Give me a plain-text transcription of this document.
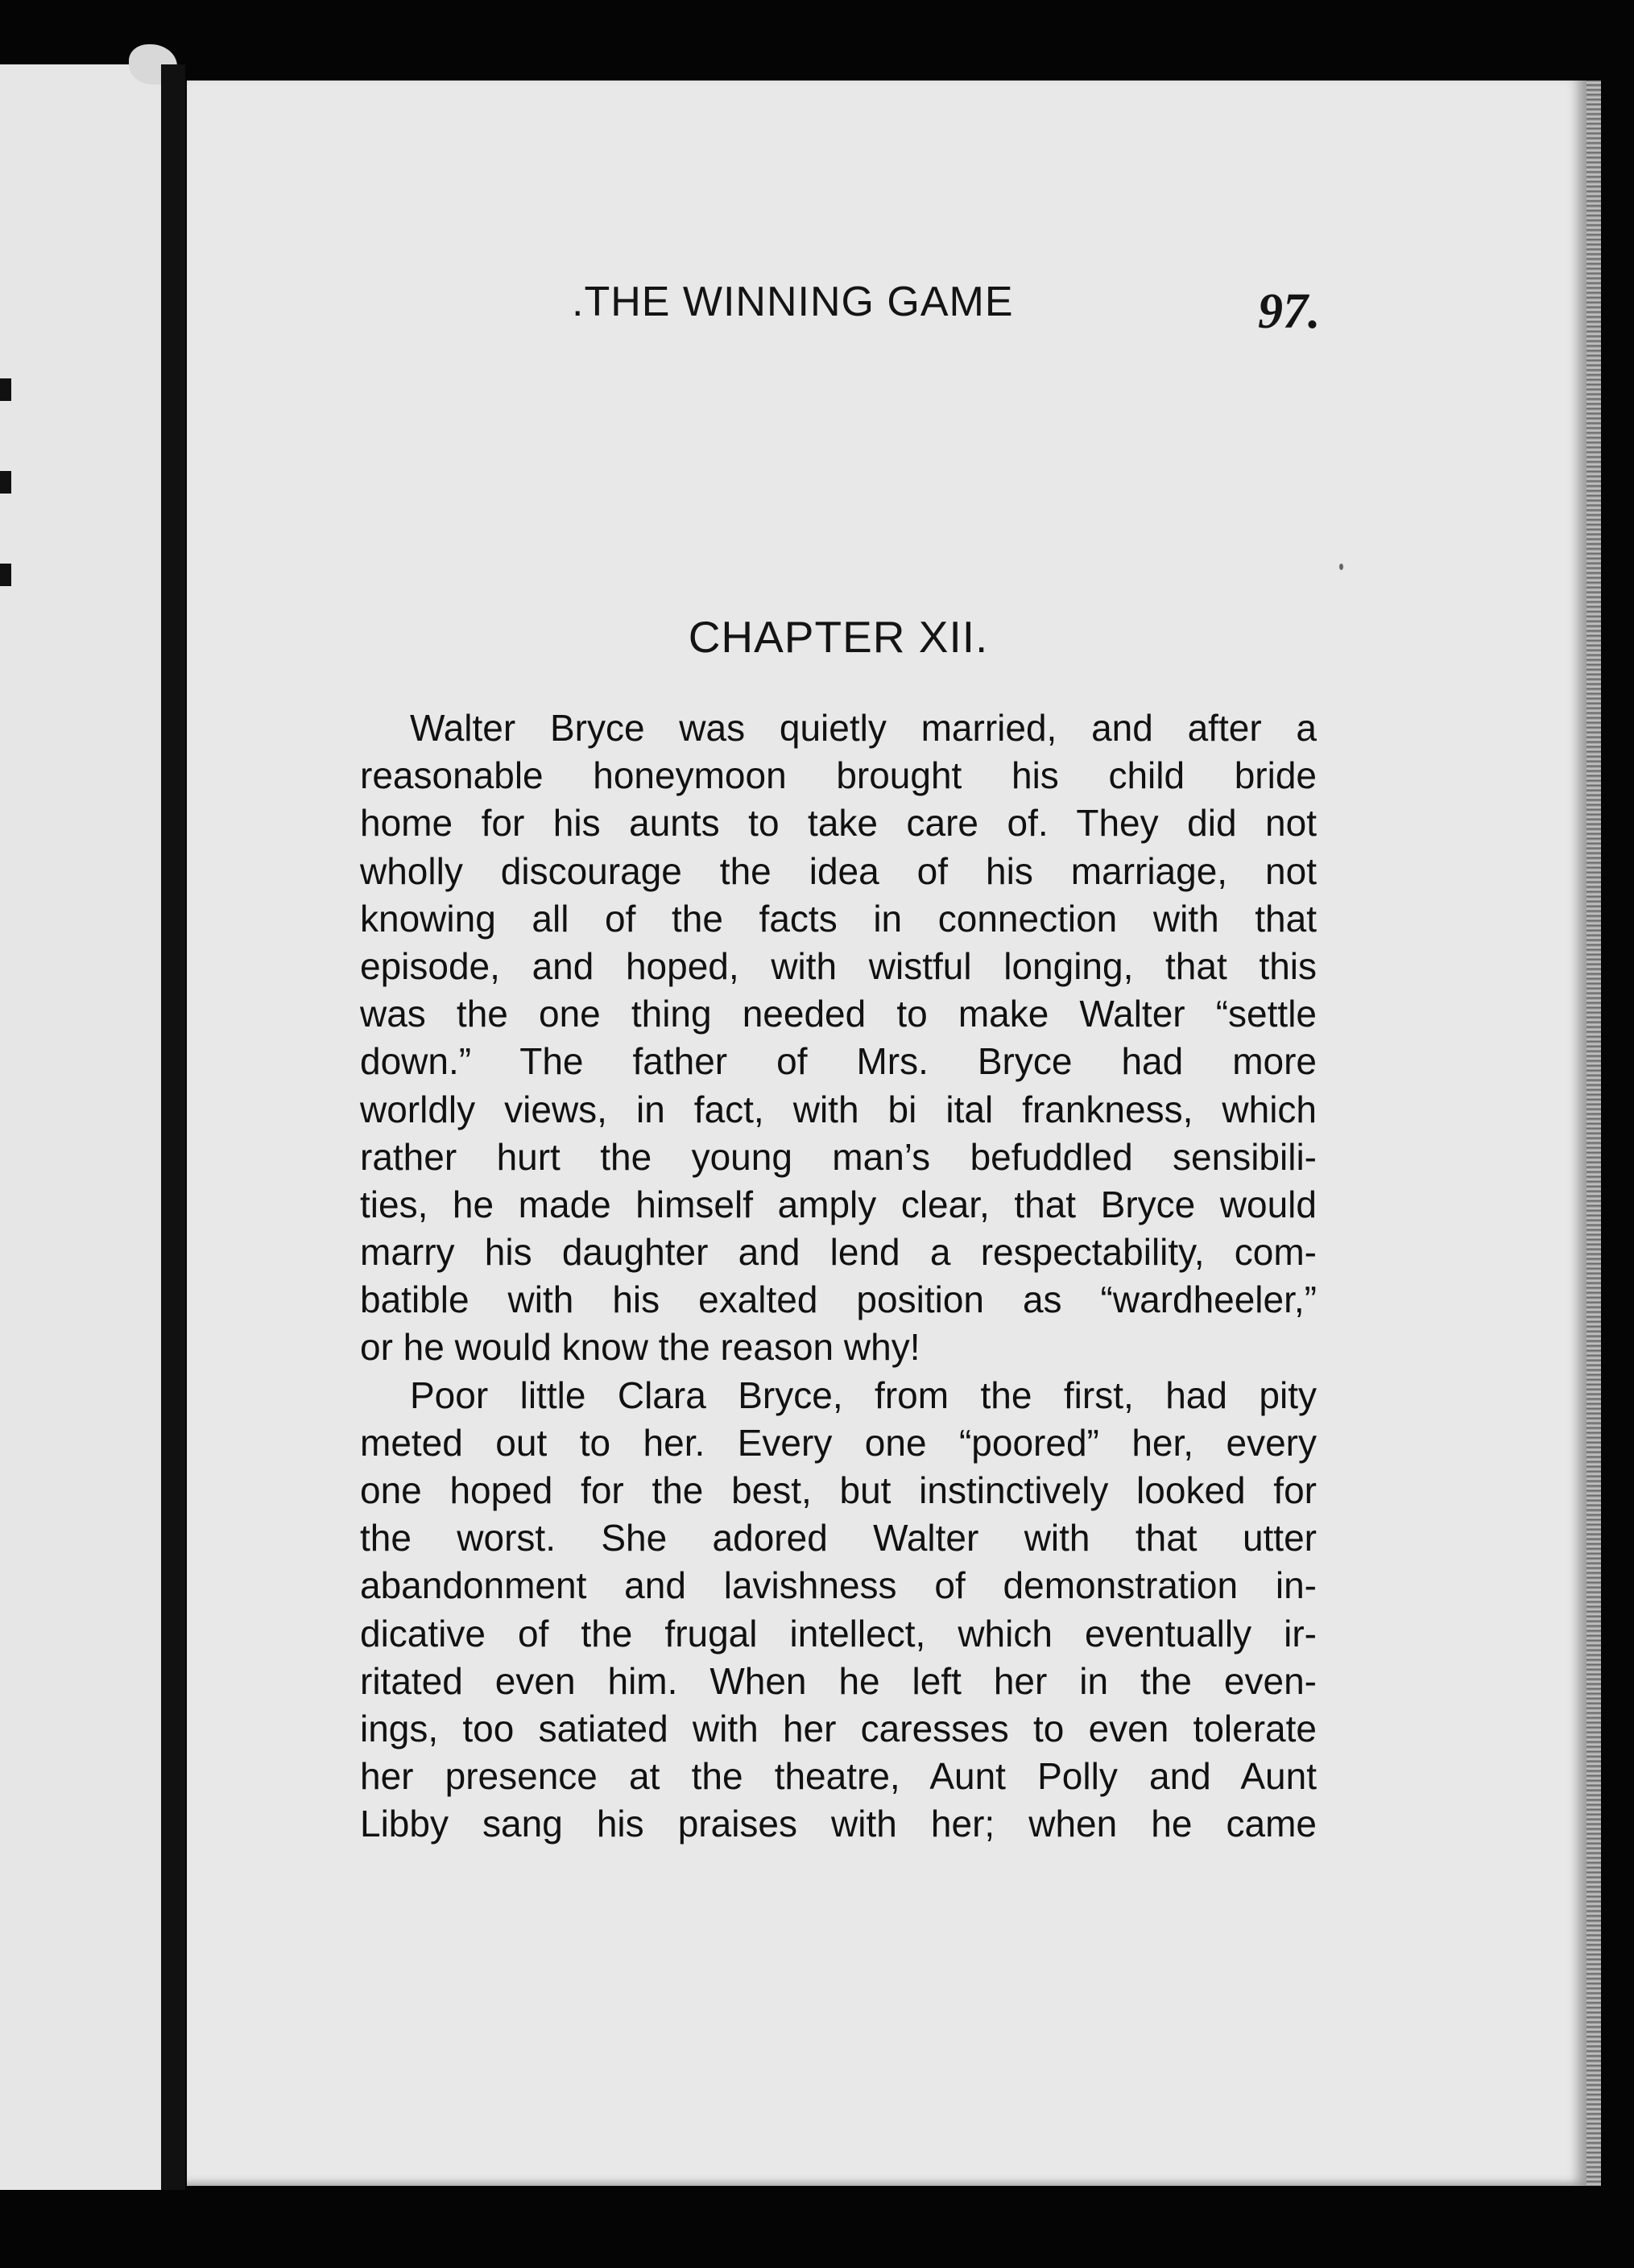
.THE WINNING GAME	97.
CHAPTER XII.
Walter Bryce was quietly married, and after a
reasonable honeymoon brought his child bride
home for his aunts to take care of. They did not
wholly discourage the idea of his marriage, not
knowing all of the facts in connection with that
episode, and hoped, with wistful longing, that this
was the one thing needed to make Walter “settle
down.” The father of Mrs. Bryce had more
worldly views, in fact, with bi ital frankness, which
rather hurt the young man’s befuddled sensibili-
ties, he made himself amply clear, that Bryce would
marry his daughter and lend a respectability, com-
batible with his exalted position as “wardheeler,”
or he would know the reason why!
Poor little Clara Bryce, from the first, had pity
meted out to her. Every one “poored” her, every
one hoped for the best, but instinctively looked for
the worst. She adored Walter with that utter
abandonment and lavishness of demonstration in-
dicative of the frugal intellect, which eventually ir-
ritated even him. When he left her in the even-
ings, too satiated with her caresses to even tolerate
her presence at the theatre, Aunt Polly and Aunt
Libby sang his praises with her; when he came
